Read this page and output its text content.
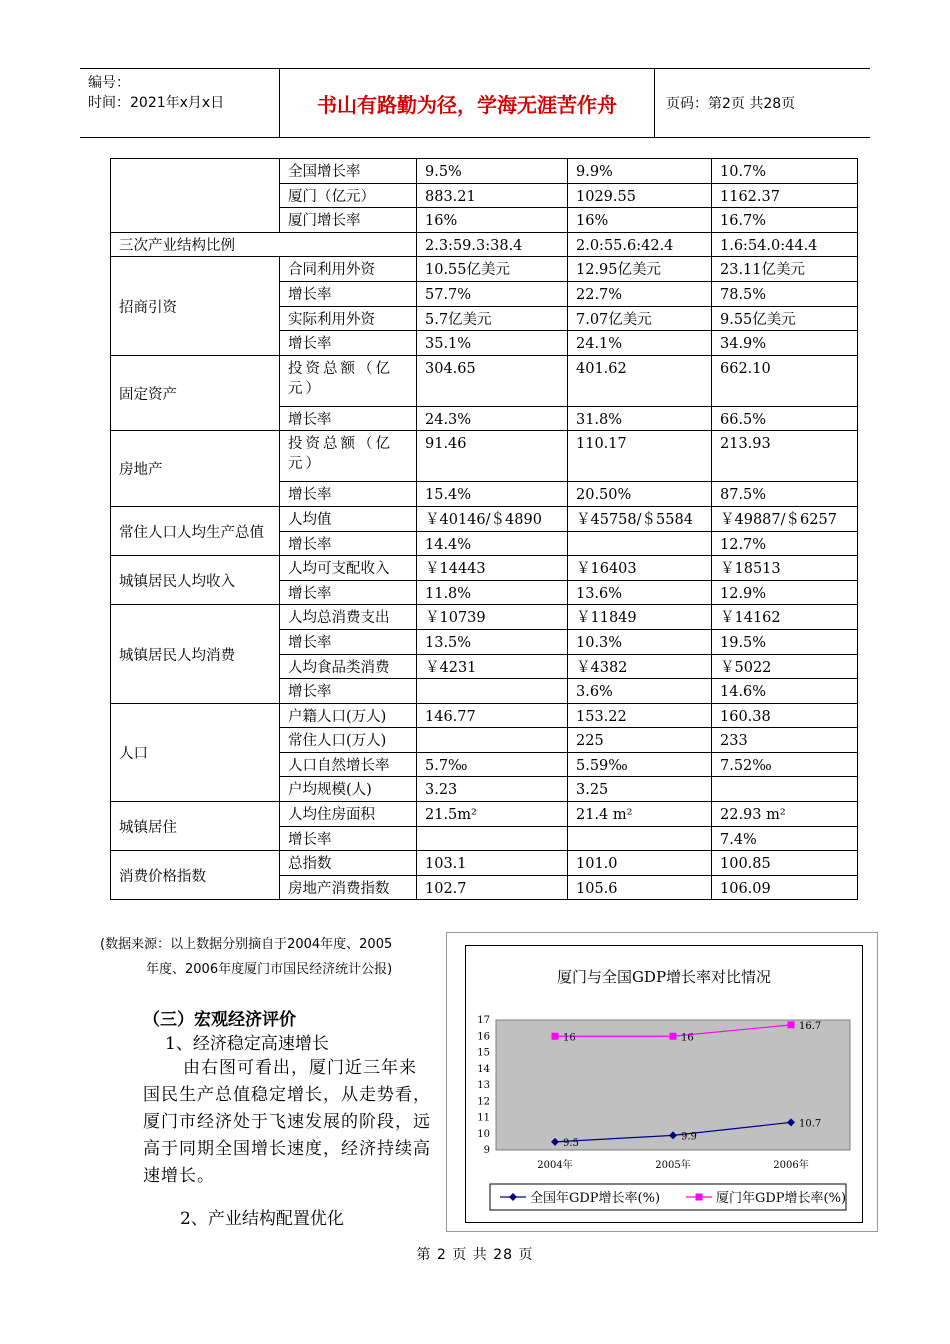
编号：
时间：2021年x月x日	书山有路勤为径，学海无涯苦作舟	页码：第2页 共28页
	全国增长率	9.5%	9.9%	10.7%
	厦门（亿元）	883.21	1029.55	1162.37
	厦门增长率	16%	16%	16.7%
三次产业结构比例		2.3:59.3:38.4	2.0:55.6:42.4	1.6:54.0:44.4
招商引资	合同利用外资	10.55亿美元	12.95亿美元	23.11亿美元
	增长率	57.7%	22.7%	78.5%
	实际利用外资	5.7亿美元	7.07亿美元	9.55亿美元
	增长率	35.1%	24.1%	34.9%
固定资产	投资总额（亿元）	304.65	401.62	662.10
	增长率	24.3%	31.8%	66.5%
房地产	投资总额（亿元）	91.46	110.17	213.93
	增长率	15.4%	20.50%	87.5%
常住人口人均生产总值	人均值	￥40146/＄4890	￥45758/＄5584	￥49887/＄6257
	增长率	14.4%		12.7%
城镇居民人均收入	人均可支配收入	￥14443	￥16403	￥18513
	增长率	11.8%	13.6%	12.9%
城镇居民人均消费	人均总消费支出	￥10739	￥11849	￥14162
	增长率	13.5%	10.3%	19.5%
	人均食品类消费	￥4231	￥4382	￥5022
	增长率		3.6%	14.6%
人口	户籍人口(万人)	146.77	153.22	160.38
	常住人口(万人)		225	233
	人口自然增长率	5.7‰	5.59‰	7.52‰
	户均规模(人)	3.23	3.25	
城镇居住	人均住房面积	21.5m²	21.4 m²	22.93 m²
	增长率			7.4%
消费价格指数	总指数	103.1	101.0	100.85
	房地产消费指数	102.7	105.6	106.09
(数据来源：以上数据分别摘自于2004年度、2005
年度、2006年度厦门市国民经济统计公报)
（三）宏观经济评价
1、经济稳定高速增长
由右图可看出，厦门近三年来国民生产总值稳定增长，从走势看，厦门市经济处于飞速发展的阶段，远高于同期全国增长速度，经济持续高速增长。
2、产业结构配置优化
厦门与全国GDP增长率对比情况
9
10
11
12
13
14
15
16
17
2004年	2005年	2006年
9.5
9.9
10.7
16	16
16.7
全国年GDP增长率(%)	厦门年GDP增长率(%)
第 2 页 共 28 页
